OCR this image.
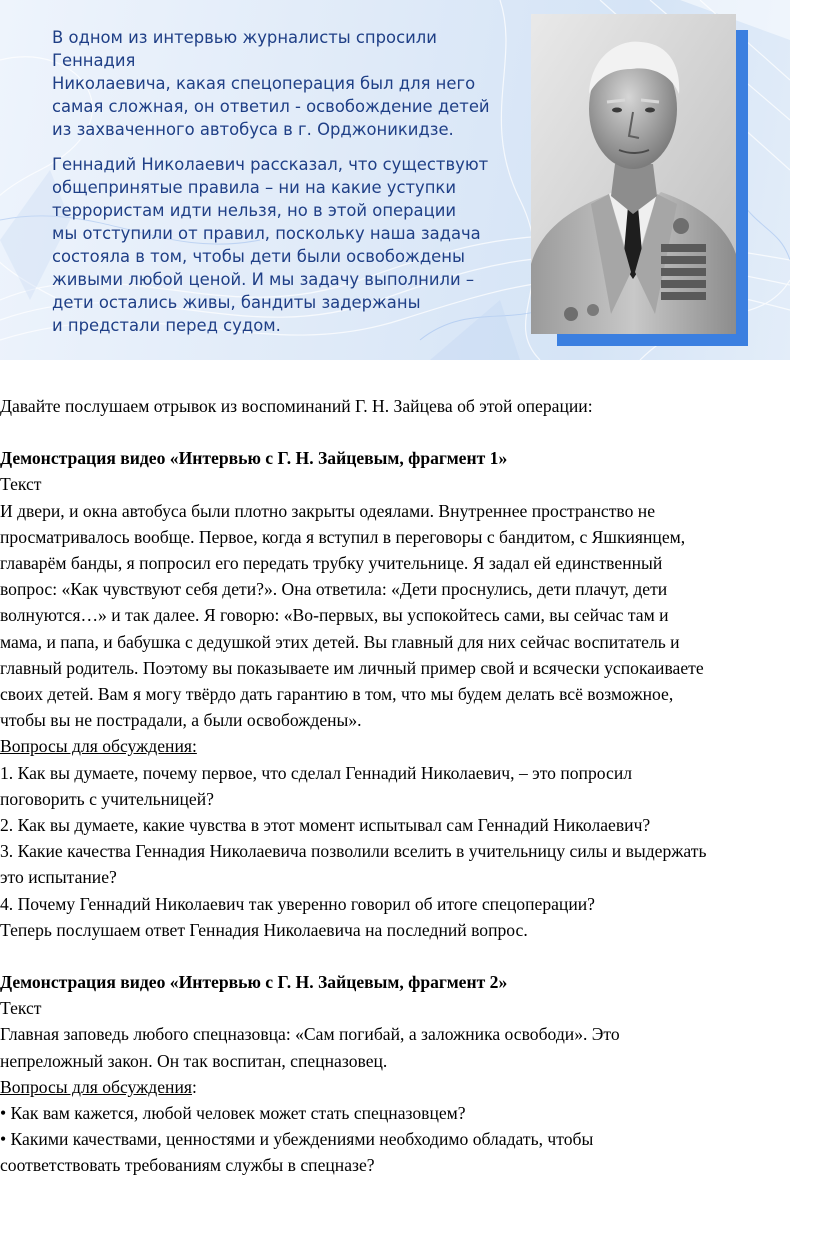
В одном из интервью журналисты спросили Геннадия
Николаевича, какая спецоперация был для него
самая сложная, он ответил - освобождение детей
из захваченного автобуса в г. Орджоникидзе.

Геннадий Николаевич рассказал, что существуют
общепринятые правила – ни на какие уступки
террористам идти нельзя, но в этой операции
мы отступили от правил, поскольку наша задача
состояла в том, чтобы дети были освобождены
живыми любой ценой. И мы задачу выполнили –
дети остались живы, бандиты задержаны
и предстали перед судом.

Давайте послушаем отрывок из воспоминаний Г. Н. Зайцева об этой операции:

Демонстрация видео «Интервью с Г. Н. Зайцевым, фрагмент 1»

Текст

И двери, и окна автобуса были плотно закрыты одеялами. Внутреннее пространство не

просматривалось вообще. Первое, когда я вступил в переговоры с бандитом, с Яшкиянцем,

главарём банды, я попросил его передать трубку учительнице. Я задал ей единственный

вопрос: «Как чувствуют себя дети?». Она ответила: «Дети проснулись, дети плачут, дети

волнуются…» и так далее. Я говорю: «Во-первых, вы успокойтесь сами, вы сейчас там и

мама, и папа, и бабушка с дедушкой этих детей. Вы главный для них сейчас воспитатель и

главный родитель. Поэтому вы показываете им личный пример свой и всячески успокаиваете

своих детей. Вам я могу твёрдо дать гарантию в том, что мы будем делать всё возможное,

чтобы вы не пострадали, а были освобождены».

Вопросы для обсуждения:

1. Как вы думаете, почему первое, что сделал Геннадий Николаевич, – это попросил

поговорить с учительницей?

2. Как вы думаете, какие чувства в этот момент испытывал сам Геннадий Николаевич?

3. Какие качества Геннадия Николаевича позволили вселить в учительницу силы и выдержать

это испытание?

4. Почему Геннадий Николаевич так уверенно говорил об итоге спецоперации?

Теперь послушаем ответ Геннадия Николаевича на последний вопрос.

Демонстрация видео «Интервью с Г. Н. Зайцевым, фрагмент 2»

Текст

Главная заповедь любого спецназовца: «Сам погибай, а заложника освободи». Это

непреложный закон. Он так воспитан, спецназовец.

Вопросы для обсуждения:

• Как вам кажется, любой человек может стать спецназовцем?

• Какими качествами, ценностями и убеждениями необходимо обладать, чтобы

соответствовать требованиям службы в спецназе?
